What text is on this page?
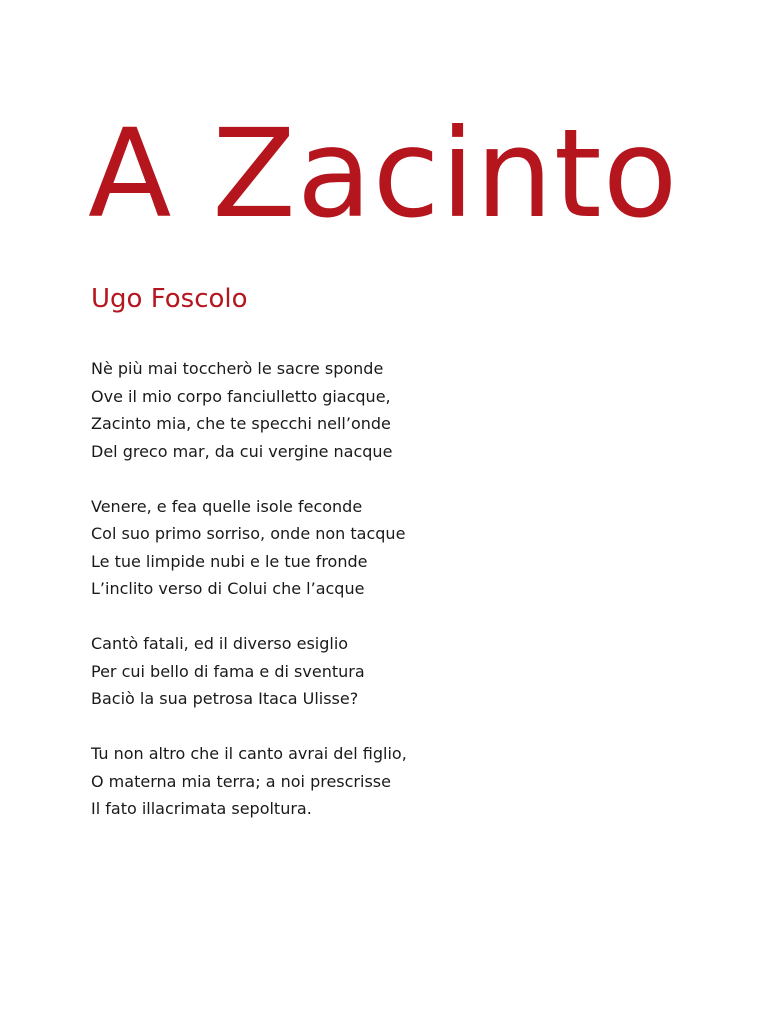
A Zacinto
Ugo Foscolo
Nè più mai toccherò le sacre sponde
Ove il mio corpo fanciulletto giacque,
Zacinto mia, che te specchi nell’onde
Del greco mar, da cui vergine nacque
Venere, e fea quelle isole feconde
Col suo primo sorriso, onde non tacque
Le tue limpide nubi e le tue fronde
L’inclito verso di Colui che l’acque
Cantò fatali, ed il diverso esiglio
Per cui bello di fama e di sventura
Baciò la sua petrosa Itaca Ulisse?
Tu non altro che il canto avrai del figlio,
O materna mia terra; a noi prescrisse
Il fato illacrimata sepoltura.
